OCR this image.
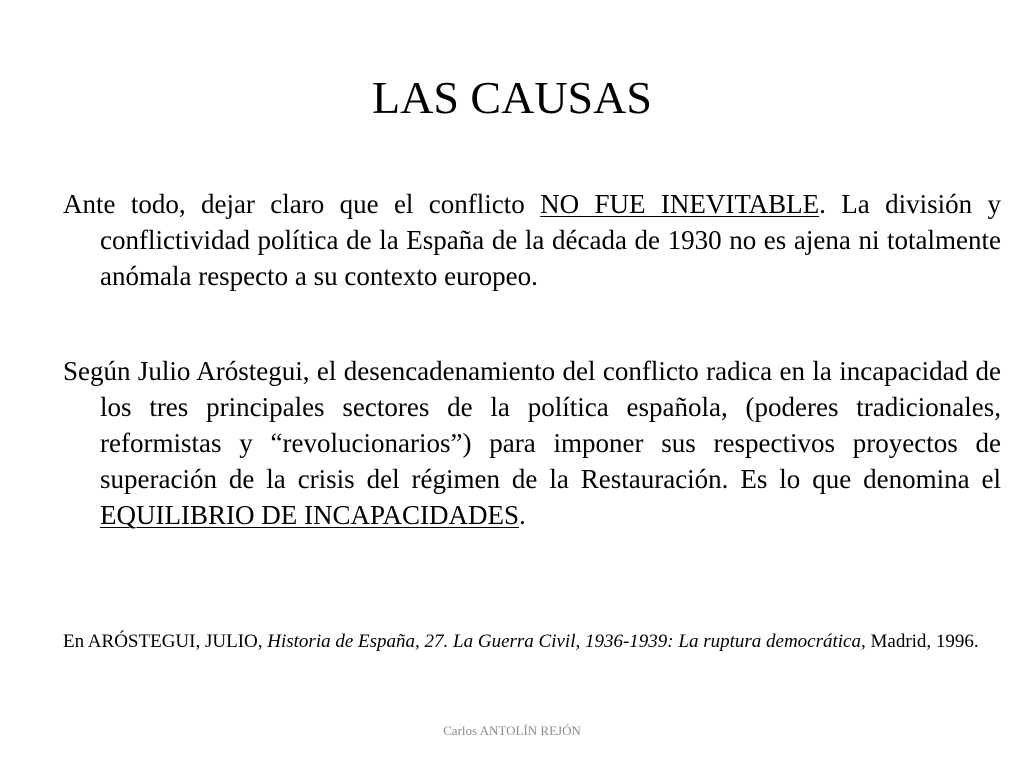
LAS CAUSAS

Ante todo, dejar claro que el conflicto NO FUE INEVITABLE. La división y conflictividad política de la España de la década de 1930 no es ajena ni totalmente anómala respecto a su contexto europeo.

Según Julio Aróstegui, el desencadenamiento del conflicto radica en la incapacidad de los tres principales sectores de la política española, (poderes tradicionales, reformistas y “revolucionarios”) para imponer sus respectivos proyectos de superación de la crisis del régimen de la Restauración. Es lo que denomina el EQUILIBRIO DE INCAPACIDADES.

En ARÓSTEGUI, JULIO, Historia de España, 27. La Guerra Civil, 1936-1939: La ruptura democrática, Madrid, 1996.

Carlos ANTOLÍN REJÓN
